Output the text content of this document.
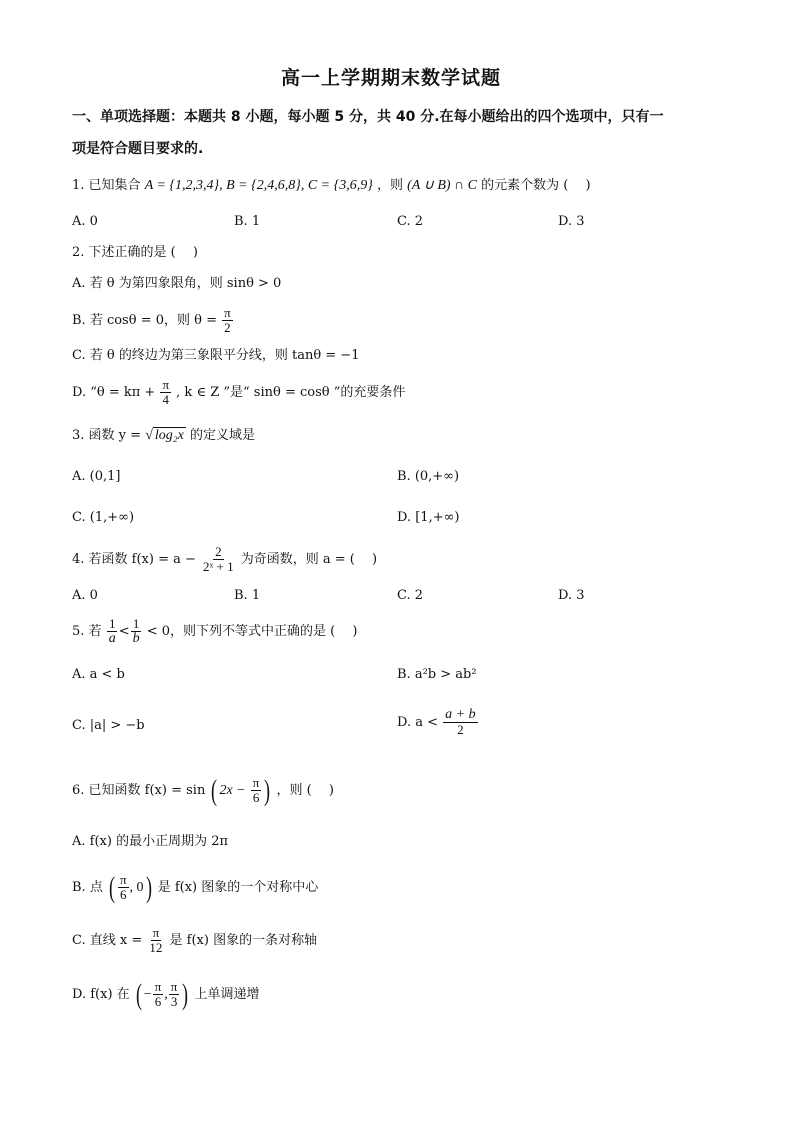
高一上学期期末数学试题
一、单项选择题：本题共 8 小题，每小题 5 分，共 40 分.在每小题给出的四个选项中，只有一
项是符合题目要求的.
1. 已知集合 A = {1,2,3,4}, B = {2,4,6,8}, C = {3,6,9} ，则 (A ∪ B) ∩ C 的元素个数为 (　 )
A. 0	B. 1	C. 2	D. 3
2. 下述正确的是 (　 )
A. 若 θ 为第四象限角，则 sinθ > 0
B. 若 cosθ = 0，则 $\theta = \frac{\pi}{2}$
C. 若 θ 的终边为第三象限平分线，则 tanθ = −1
D. “$\theta = k\pi + \frac{\pi}{4}$ , k ∈ Z ”是“ sinθ = cosθ ”的充要条件
3. 函数 y = √ log₂x 的定义域是
A. (0,1]	B. (0,+∞)
C. (1,+∞)	D. [1,+∞)
4. 若函数 $f(x) = a - \frac{2}{\text{2ˣ + 1}}$ 为奇函数，则 a = (　 )
A. 0	B. 1	C. 2	D. 3
5. 若 $\frac{1}{a} < \frac{1}{b} < 0$，则下列不等式中正确的是 (　 )
A. a < b	B. a²b > ab²
C. |a| > −b	D. $a < \frac{a + b}{2}$
6. 已知函数 f(x) = sin ( $2x - \frac{\pi}{6}$ ) ，则 (　 )
A. f(x) 的最小正周期为 2π
B. 点 ( $\frac{\pi}{6}$ , 0) 是 f(x) 图象的一个对称中心
C. 直线 $x = \frac{\pi}{12}$ 是 f(x) 图象的一条对称轴
D. f(x) 在 ( − $\frac{\pi}{6}$ , $\frac{\pi}{3}$ ) 上单调递增
